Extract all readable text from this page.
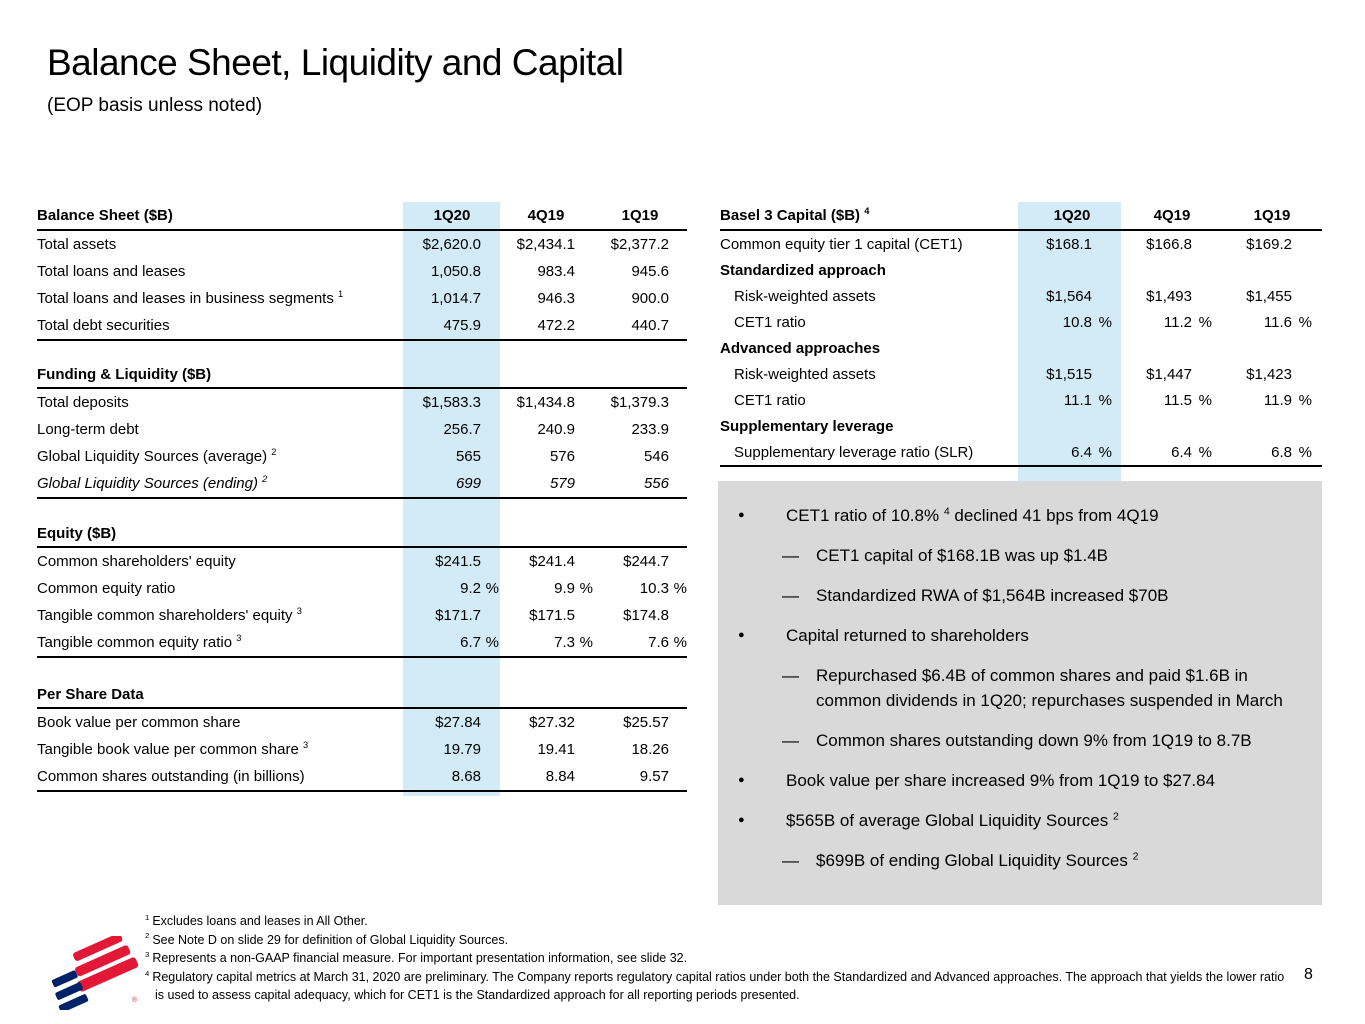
Balance Sheet, Liquidity and Capital
(EOP basis unless noted)
Balance Sheet ($B)	1Q20	4Q19	1Q19
Total assets	$2,620.0	$2,434.1	$2,377.2
Total loans and leases	1,050.8	983.4	945.6
Total loans and leases in business segments $^1$	1,014.7	946.3	900.0
Total debt securities	475.9	472.2	440.7
Funding & Liquidity ($B)
Total deposits	$1,583.3	$1,434.8	$1,379.3
Long-term debt	256.7	240.9	233.9
Global Liquidity Sources (average) $^2$	565	576	546
Global Liquidity Sources (ending) $^2$	699	579	556
Equity ($B)
Common shareholders' equity	$241.5	$241.4	$244.7
Common equity ratio	9.2 %	9.9 %	10.3 %
Tangible common shareholders' equity $^3$	$171.7	$171.5	$174.8
Tangible common equity ratio $^3$	6.7 %	7.3 %	7.6 %
Per Share Data
Book value per common share	$27.84	$27.32	$25.57
Tangible book value per common share $^3$	19.79	19.41	18.26
Common shares outstanding (in billions)	8.68	8.84	9.57
Basel 3 Capital ($B) $^4$	1Q20	4Q19	1Q19
Common equity tier 1 capital (CET1)	$168.1	$166.8	$169.2
Standardized approach
Risk-weighted assets	$1,564	$1,493	$1,455
CET1 ratio	10.8 %	11.2 %	11.6 %
Advanced approaches
Risk-weighted assets	$1,515	$1,447	$1,423
CET1 ratio	11.1 %	11.5 %	11.9 %
Supplementary leverage
Supplementary leverage ratio (SLR)	6.4 %	6.4 %	6.8 %
●	CET1 ratio of 10.8% $^4$ declined 41 bps from 4Q19
—	CET1 capital of $168.1B was up $1.4B
—	Standardized RWA of $1,564B increased $70B
●	Capital returned to shareholders
—	Repurchased $6.4B of common shares and paid $1.6B in common dividends in 1Q20; repurchases suspended in March
—	Common shares outstanding down 9% from 1Q19 to 8.7B
●	Book value per share increased 9% from 1Q19 to $27.84
●	$565B of average Global Liquidity Sources $^2$
—	$699B of ending Global Liquidity Sources $^2$
$^1$ Excludes loans and leases in All Other.
$^2$ See Note D on slide 29 for definition of Global Liquidity Sources.
$^3$ Represents a non-GAAP financial measure. For important presentation information, see slide 32.
$^4$ Regulatory capital metrics at March 31, 2020 are preliminary. The Company reports regulatory capital ratios under both the Standardized and Advanced approaches. The approach that yields the lower ratio is used to assess capital adequacy, which for CET1 is the Standardized approach for all reporting periods presented.
8
®
